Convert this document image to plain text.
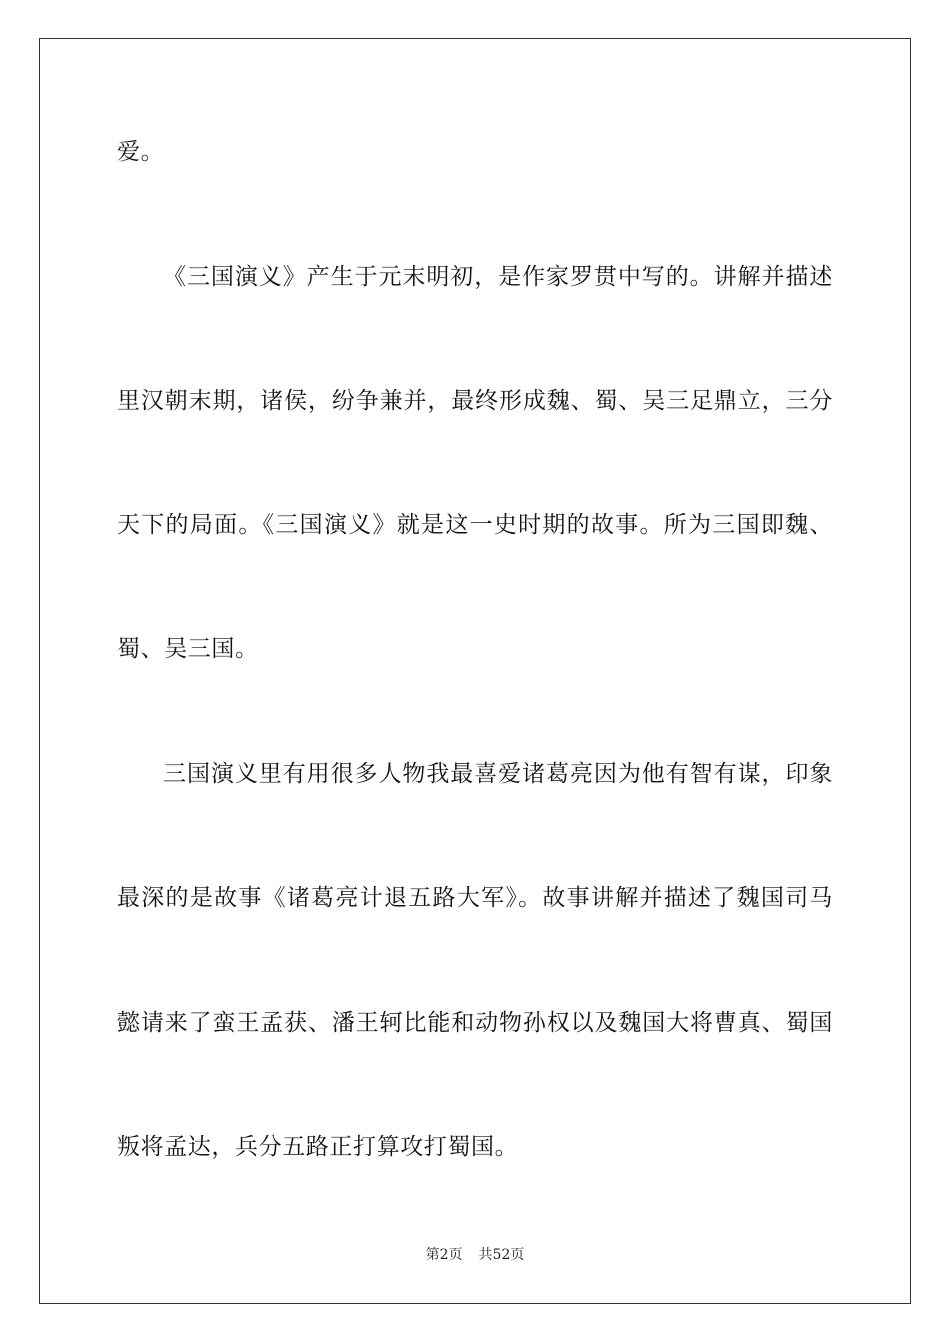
爱。
《三国演义》产生于元末明初，是作家罗贯中写的。讲解并描述
里汉朝末期，诸侯，纷争兼并，最终形成魏、蜀、吴三足鼎立，三分
天下的局面。《三国演义》就是这一史时期的故事。所为三国即魏、
蜀、吴三国。
三国演义里有用很多人物我最喜爱诸葛亮因为他有智有谋，印象
最深的是故事《诸葛亮计退五路大军》。故事讲解并描述了魏国司马
懿请来了蛮王孟获、潘王轲比能和动物孙权以及魏国大将曹真、蜀国
叛将孟达，兵分五路正打算攻打蜀国。
第2页 共52页
